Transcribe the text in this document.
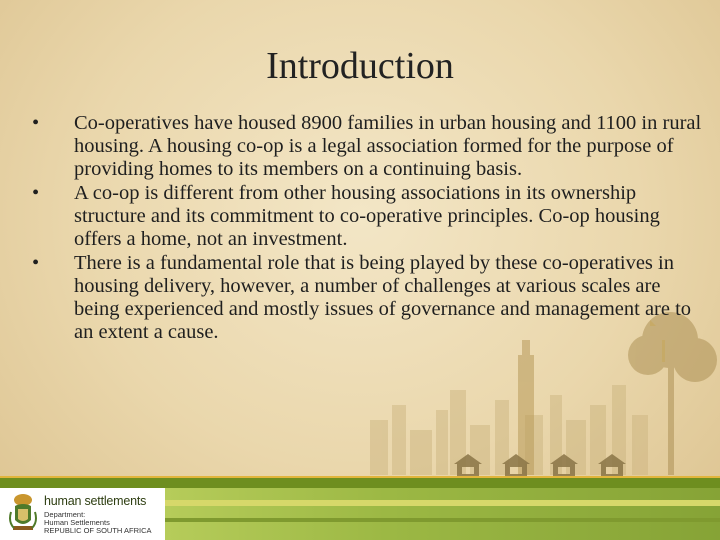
Introduction
• Co-operatives have housed 8900 families in urban housing and 1100 in rural housing. A housing co-op is a legal association formed for the purpose of providing homes to its members on a continuing basis.
• A co-op is different from other housing associations in its ownership structure and its commitment to co-operative principles. Co-op housing offers a home, not an investment.
• There is a fundamental role that is being played by these co-operatives in housing delivery, however, a number of challenges at various scales are being experienced and mostly issues of governance and management are to an extent a cause.
human settlements
Department:
Human Settlements
REPUBLIC OF SOUTH AFRICA
